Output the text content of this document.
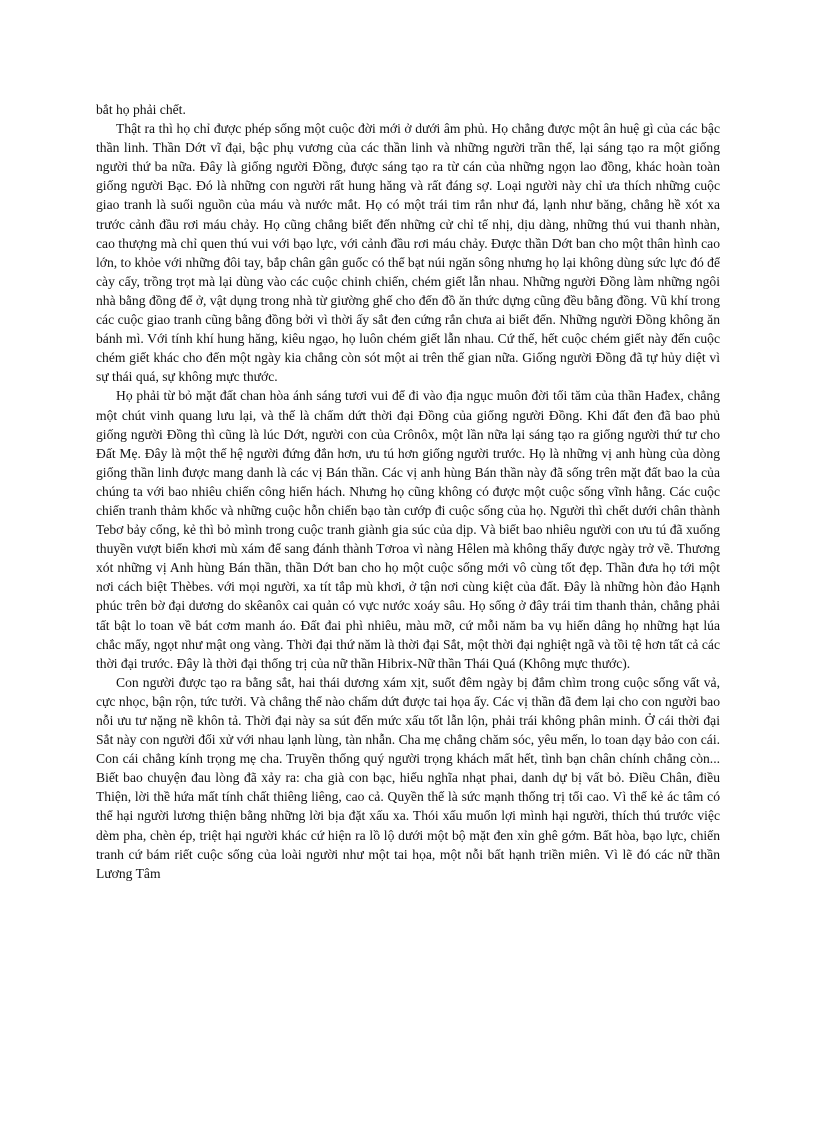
bắt họ phải chết.

Thật ra thì họ chỉ được phép sống một cuộc đời mới ở dưới âm phủ. Họ chẳng được một ân huệ gì của các bậc thần linh. Thần Dớt vĩ đại, bậc phụ vương của các thần linh và những người trần thế, lại sáng tạo ra một giống người thứ ba nữa. Đây là giống người Đồng, được sáng tạo ra từ cán của những ngọn lao đồng, khác hoàn toàn giống người Bạc. Đó là những con người rất hung hăng và rất đáng sợ. Loại người này chỉ ưa thích những cuộc giao tranh là suối nguồn của máu và nước mắt. Họ có một trái tim rắn như đá, lạnh như băng, chẳng hề xót xa trước cảnh đầu rơi máu chảy. Họ cũng chẳng biết đến những cử chỉ tế nhị, dịu dàng, những thú vui thanh nhàn, cao thượng mà chỉ quen thú vui với bạo lực, với cảnh đầu rơi máu chảy. Được thần Dớt ban cho một thân hình cao lớn, to khỏe với những đôi tay, bắp chân gân guốc có thể bạt núi ngăn sông nhưng họ lại không dùng sức lực đó để cày cấy, trồng trọt mà lại dùng vào các cuộc chinh chiến, chém giết lẫn nhau. Những người Đồng làm những ngôi nhà bằng đồng để ở, vật dụng trong nhà từ giường ghế cho đến đồ ăn thức dựng cũng đều bằng đồng. Vũ khí trong các cuộc giao tranh cũng bằng đồng bởi vì thời ấy sắt đen cứng rắn chưa ai biết đến. Những người Đồng không ăn bánh mì. Với tính khí hung hăng, kiêu ngạo, họ luôn chém giết lẫn nhau. Cứ thế, hết cuộc chém giết này đến cuộc chém giết khác cho đến một ngày kia chẳng còn sót một ai trên thế gian nữa. Giống người Đồng đã tự hủy diệt vì sự thái quá, sự không mực thước.

Họ phải từ bỏ mặt đất chan hòa ánh sáng tươi vui để đi vào địa ngục muôn đời tối tăm của thần Hađex, chẳng một chút vinh quang lưu lại, và thế là chấm dứt thời đại Đồng của giống người Đồng. Khi đất đen đã bao phủ giống người Đồng thì cũng là lúc Dớt, người con của Crônôx, một lần nữa lại sáng tạo ra giống người thứ tư cho Đất Mẹ. Đây là một thế hệ người đứng đắn hơn, ưu tú hơn giống người trước. Họ là những vị anh hùng của dòng giống thần linh được mang danh là các vị Bán thần. Các vị anh hùng Bán thần này đã sống trên mặt đất bao la của chúng ta với bao nhiêu chiến công hiển hách. Nhưng họ cũng không có được một cuộc sống vĩnh hằng. Các cuộc chiến tranh thảm khốc và những cuộc hỗn chiến bạo tàn cướp đi cuộc sống của họ. Người thì chết dưới chân thành Tebơ bảy cổng, kẻ thì bỏ mình trong cuộc tranh giành gia súc của dịp. Và biết bao nhiêu người con ưu tú đã xuống thuyền vượt biển khơi mù xám để sang đánh thành Tơroa vì nàng Hêlen mà không thấy được ngày trở về. Thương xót những vị Anh hùng Bán thần, thần Dớt ban cho họ một cuộc sống mới vô cùng tốt đẹp. Thần đưa họ tới một nơi cách biệt Thèbes. với mọi người, xa tít tắp mù khơi, ở tận nơi cùng kiệt của đất. Đây là những hòn đảo Hạnh phúc trên bờ đại dương do skêanôx cai quản có vực nước xoáy sâu. Họ sống ở đây trái tim thanh thản, chẳng phải tất bật lo toan về bát cơm manh áo. Đất đai phì nhiêu, màu mỡ, cứ mỗi năm ba vụ hiến dâng họ những hạt lúa chắc mẩy, ngọt như mật ong vàng. Thời đại thứ năm là thời đại Sắt, một thời đại nghiệt ngã và tồi tệ hơn tất cả các thời đại trước. Đây là thời đại thống trị của nữ thần Hibrix-Nữ thần Thái Quá (Không mực thước).

Con người được tạo ra bằng sắt, hai thái dương xám xịt, suốt đêm ngày bị đắm chìm trong cuộc sống vất vả, cực nhọc, bận rộn, tức tưởi. Và chẳng thể nào chấm dứt được tai họa ấy. Các vị thần đã đem lại cho con người bao nỗi ưu tư nặng nề khôn tả. Thời đại này sa sút đến mức xấu tốt lẫn lộn, phải trái không phân minh. Ở cái thời đại Sắt này con người đối xử với nhau lạnh lùng, tàn nhẫn. Cha mẹ chẳng chăm sóc, yêu mến, lo toan dạy bảo con cái. Con cái chẳng kính trọng mẹ cha. Truyền thống quý người trọng khách mất hết, tình bạn chân chính chẳng còn... Biết bao chuyện đau lòng đã xảy ra: cha già con bạc, hiếu nghĩa nhạt phai, danh dự bị vất bỏ. Điều Chân, điều Thiện, lời thề hứa mất tính chất thiêng liêng, cao cả. Quyền thế là sức mạnh thống trị tối cao. Vì thế kẻ ác tâm có thể hại người lương thiện bằng những lời bịa đặt xấu xa. Thói xấu muốn lợi mình hại người, thích thú trước việc dèm pha, chèn ép, triệt hại người khác cứ hiện ra lồ lộ dưới một bộ mặt đen xỉn ghê gớm. Bất hòa, bạo lực, chiến tranh cứ bám riết cuộc sống của loài người như một tai họa, một nỗi bất hạnh triền miên. Vì lẽ đó các nữ thần Lương Tâm
